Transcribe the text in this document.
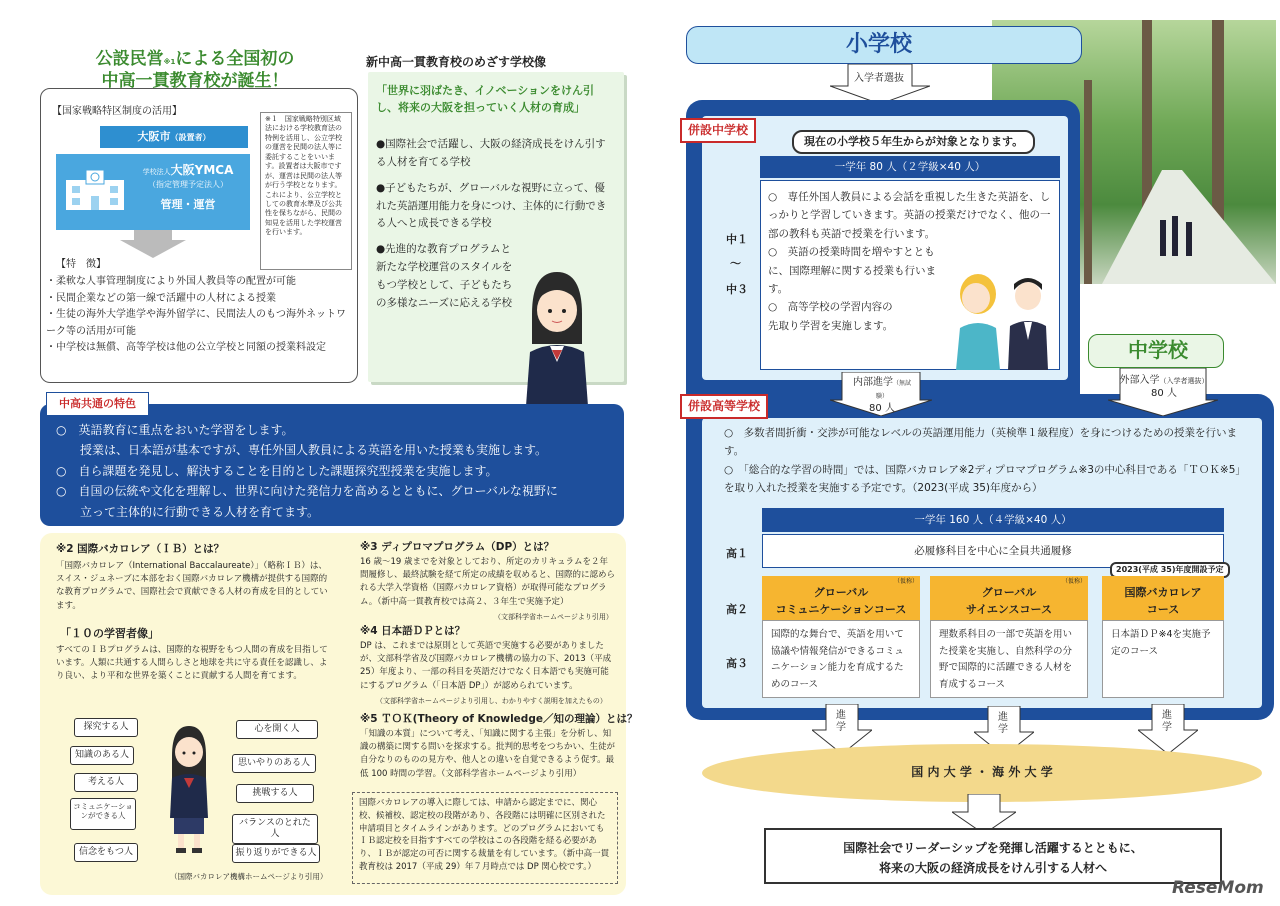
公設民営※1による全国初の
中高一貫教育校が誕生！
【国家戦略特区制度の活用】
大阪市（設置者）
学校法人大阪YMCA
（指定管理予定法人）
管理・運営
※１　国家戦略特別区域法における学校教育法の特例を活用し、公立学校の運営を民間の法人等に委託することをいいます。設置者は大阪市ですが、運営は民間の法人等が行う学校となります。これにより、公立学校としての教育水準及び公共性を保ちながら、民間の知見を活用した学校運営を行います。
【特　徴】
・柔軟な人事管理制度により外国人教員等の配置が可能
・民間企業などの第一線で活躍中の人材による授業
・生徒の海外大学進学や海外留学に、民間法人のもつ海外ネットワーク等の活用が可能
・中学校は無償、高等学校は他の公立学校と同額の授業料設定
新中高一貫教育校のめざす学校像
「世界に羽ばたき、イノベーションをけん引し、将来の大阪を担っていく人材の育成」
●国際社会で活躍し、大阪の経済成長をけん引する人材を育てる学校
●子どもたちが、グローバルな視野に立って、優れた英語運用能力を身につけ、主体的に行動できる人へと成長できる学校
●先進的な教育プログラムと新たな学校運営のスタイルをもつ学校として、子どもたちの多様なニーズに応える学校
中高共通の特色
○　英語教育に重点をおいた学習をします。
　　授業は、日本語が基本ですが、専任外国人教員による英語を用いた授業も実施します。
○　自ら課題を発見し、解決することを目的とした課題探究型授業を実施します。
○　自国の伝統や文化を理解し、世界に向けた発信力を高めるとともに、グローバルな視野に
　　立って主体的に行動できる人材を育てます。
※2 国際バカロレア（ＩＢ）とは？
「国際バカロレア（International Baccalaureate）」（略称ＩＢ）は、スイス・ジュネーブに本部をおく国際バカロレア機構が提供する国際的な教育プログラムで、国際社会で貢献できる人材の育成を目的としています。
「１０の学習者像」
すべてのＩＢプログラムは、国際的な視野をもつ人間の育成を目指しています。人類に共通する人間らしさと地球を共に守る責任を認識し、より良い、より平和な世界を築くことに貢献する人間を育てます。
探究する人
知識のある人
考える人
コミュニケーションができる人
信念をもつ人
心を開く人
思いやりのある人
挑戦する人
バランスのとれた人
振り返りができる人
（国際バカロレア機構ホームページより引用）
※3 ディプロマプログラム（DP）とは？
16 歳〜19 歳までを対象としており、所定のカリキュラムを２年間履修し、最終試験を経て所定の成績を収めると、国際的に認められる大学入学資格（国際バカロレア資格）が取得可能なプログラム。（新中高一貫教育校では高２、３年生で実施予定）
（文部科学省ホームページより引用）
※4 日本語ＤＰとは？
DP は、これまでは原則として英語で実施する必要がありましたが、文部科学省及び国際バカロレア機構の協力の下、2013（平成 25）年度より、一部の科目を英語だけでなく日本語でも実施可能にするプログラム（「日本語 DP」）が認められています。
（文部科学省ホームページより引用し、わかりやすく説明を加えたもの）
※5 ＴＯＫ(Theory of Knowledge／知の理論）とは？
「知識の本質」について考え、「知識に関する主張」を分析し、知識の構築に関する問いを探求する。批判的思考をつちかい、生徒が自分なりのものの見方や、他人との違いを自覚できるよう促す。最低 100 時間の学習。（文部科学省ホームページより引用）
国際バカロレアの導入に際しては、申請から認定までに、関心校、候補校、認定校の段階があり、各段階には明確に区別された申請項目とタイムラインがあります。どのプログラムにおいてもＩＢ認定校を目指すすべての学校はこの各段階を経る必要があり、ＩＢが認定の可否に関する裁量を有しています。（新中高一貫教育校は 2017（平成 29）年７月時点では DP 関心校です。）
小学校
入学者選抜
併設中学校
現在の小学校５年生からが対象となります。
一学年 80 人（２学級×40 人）
中１
〜
中３
○　専任外国人教員による会話を重視した生きた英語を、しっかりと学習していきます。英語の授業だけでなく、他の一部の教科も英語で授業を行います。
○　英語の授業時間を増やすとともに、国際理解に関する授業も行います。
○　高等学校の学習内容の先取り学習を実施します。
中学校
内部進学（無試験）
80 人
外部入学（入学者選抜）
80 人
併設高等学校
○　多数者間折衝・交渉が可能なレベルの英語運用能力（英検準１級程度）を身につけるための授業を行います。
○　「総合的な学習の時間」では、国際バカロレア※2ディプロマプログラム※3の中心科目である「ＴＯＫ※5」を取り入れた授業を実施する予定です。（2023(平成 35)年度から）
一学年 160 人（４学級×40 人）
必履修科目を中心に全員共通履修
高１
高２
高３
2023(平成 35)年度開設予定
グローバル
コミュニケーションコース
国際的な舞台で、英語を用いて協議や情報発信ができるコミュニケーション能力を育成するためのコース
（仮称）
グローバル
サイエンスコース
理数系科目の一部で英語を用いた授業を実施し、自然科学の分野で国際的に活躍できる人材を育成するコース
（仮称）
国際バカロレア
コース
日本語ＤＰ※4を実施予定のコース
進
学
進
学
進
学
国 内 大 学 ・ 海 外 大 学
国際社会でリーダーシップを発揮し活躍するとともに、
将来の大阪の経済成長をけん引する人材へ
ReseMom
